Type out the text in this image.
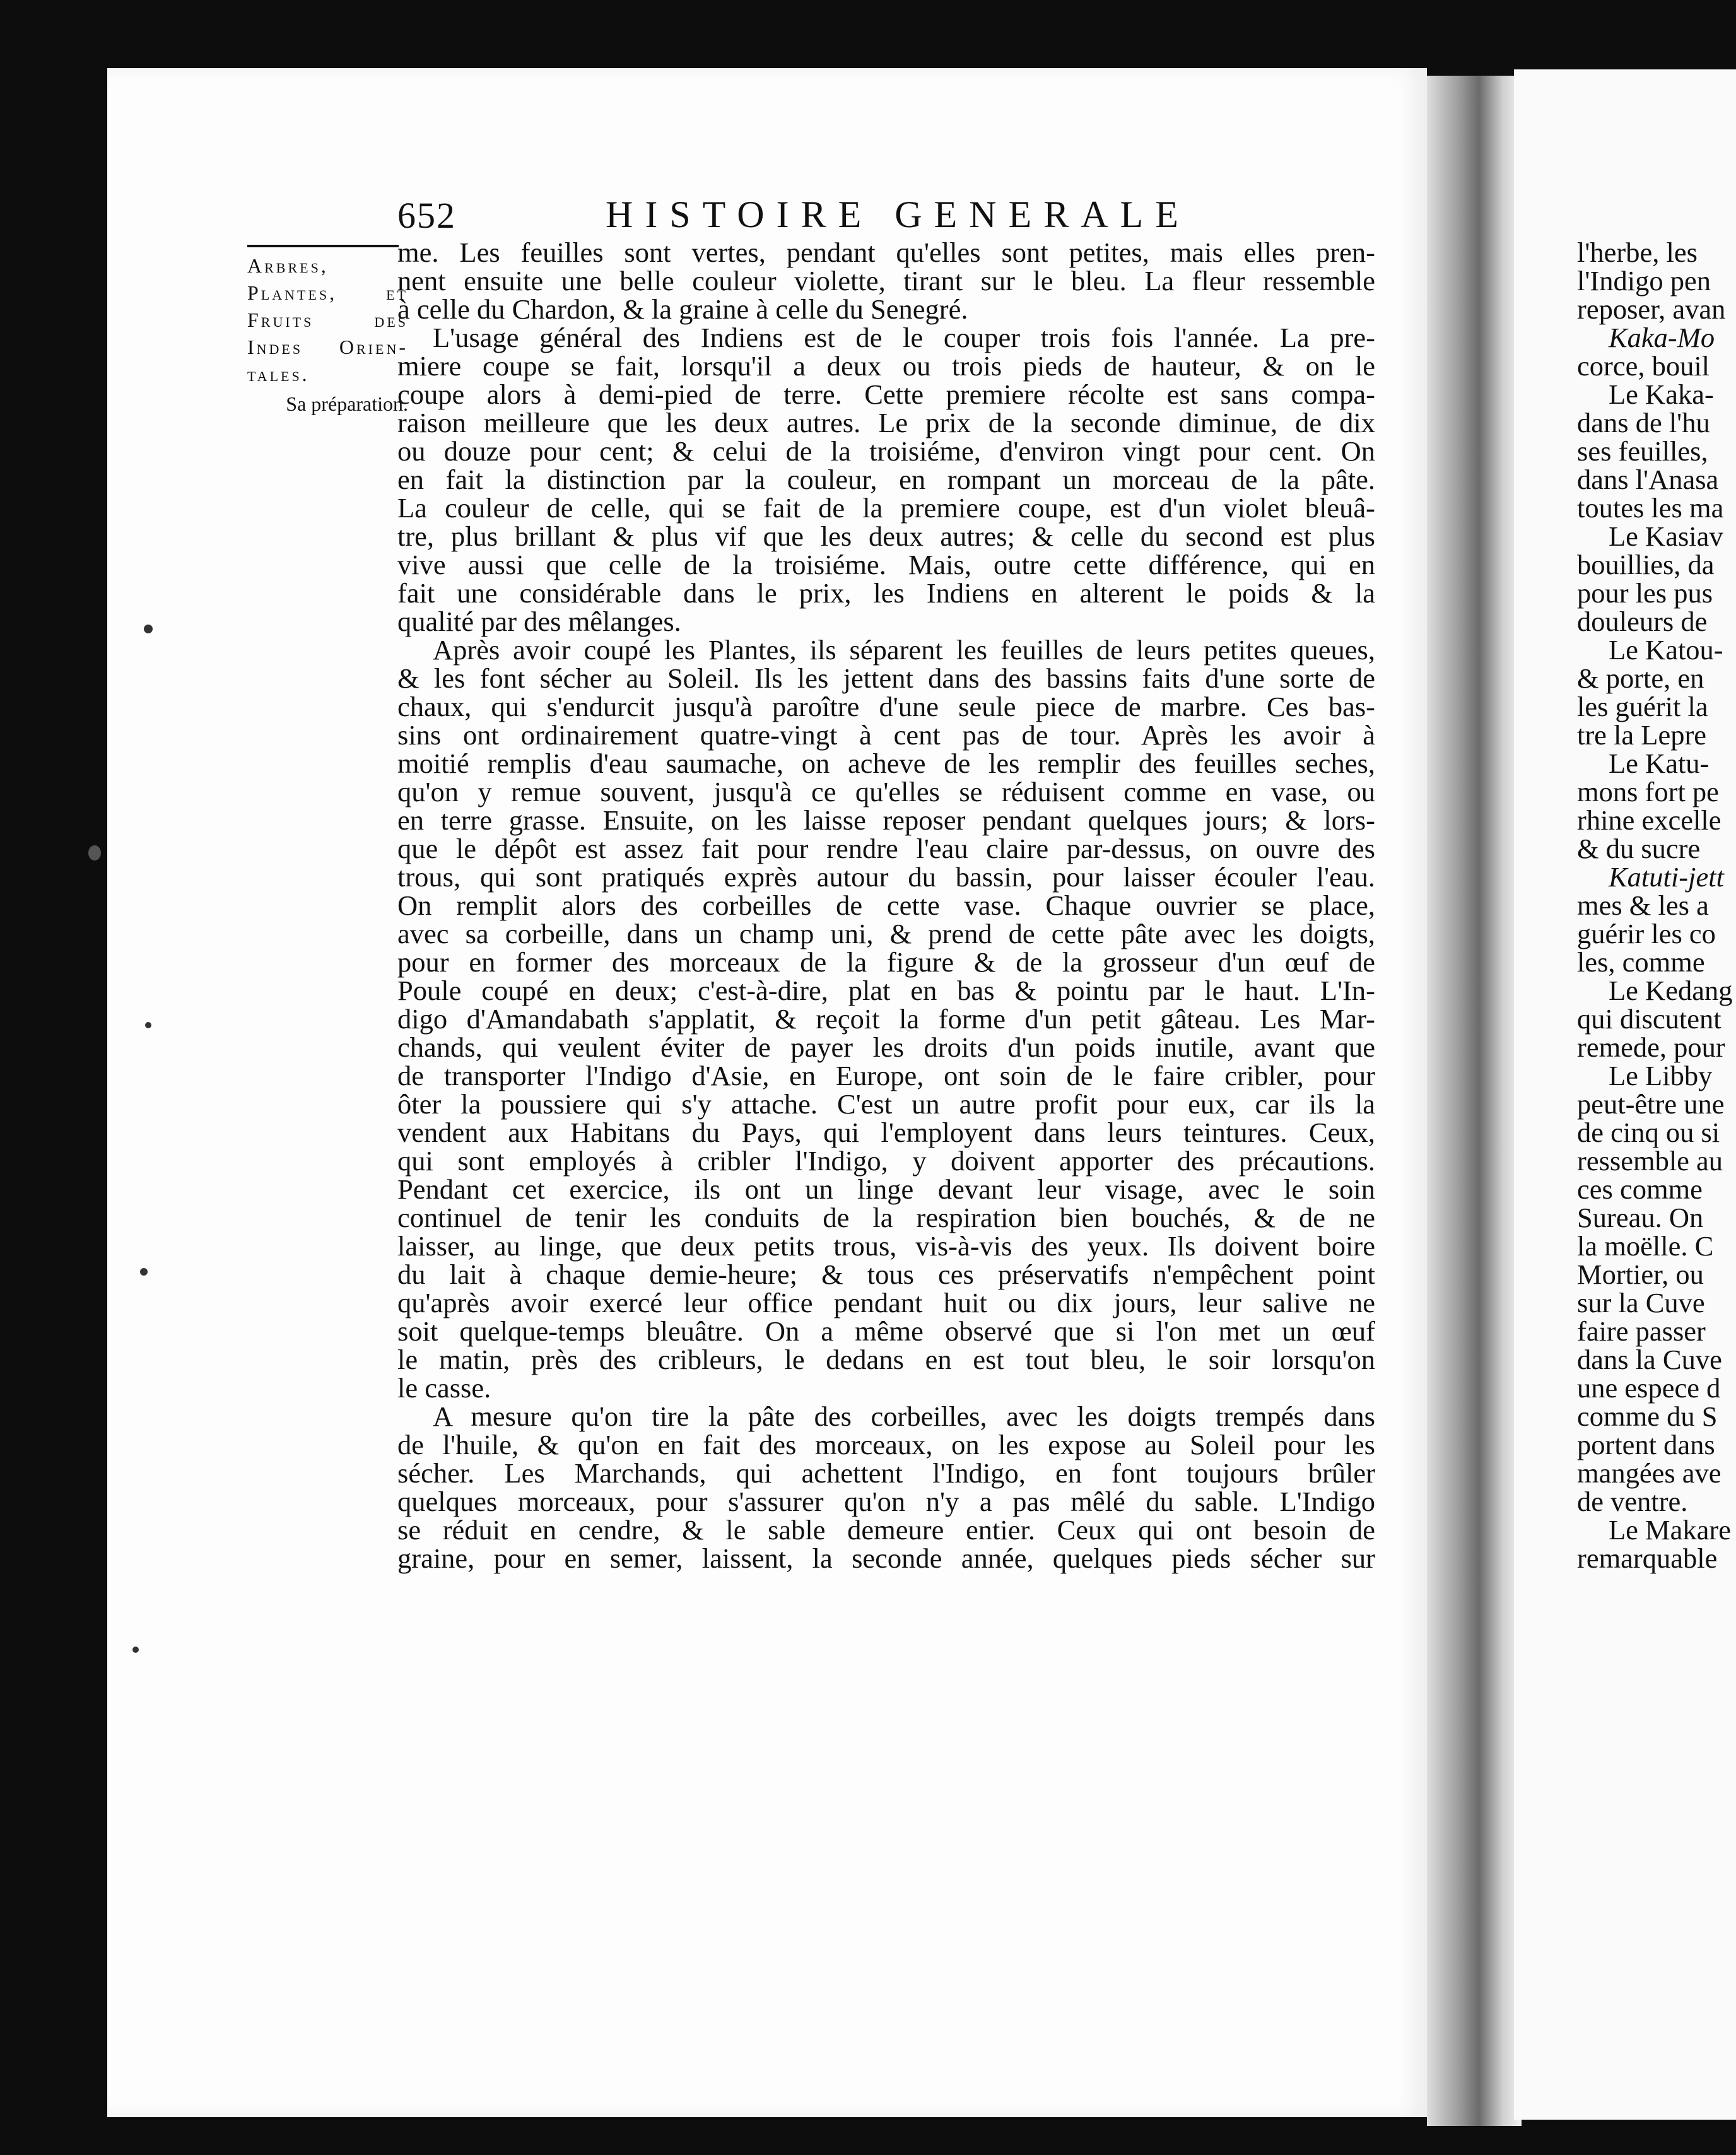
652	HISTOIRE GENERALE
Arbres,
Plantes, et
Fruits des
Indes Orien-
tales.
Sa préparation.
me. Les feuilles sont vertes, pendant qu'elles sont petites, mais elles pren-
nent ensuite une belle couleur violette, tirant sur le bleu. La fleur ressemble
à celle du Chardon, & la graine à celle du Senegré.
L'usage général des Indiens est de le couper trois fois l'année. La pre-
miere coupe se fait, lorsqu'il a deux ou trois pieds de hauteur, & on le
coupe alors à demi-pied de terre. Cette premiere récolte est sans compa-
raison meilleure que les deux autres. Le prix de la seconde diminue, de dix
ou douze pour cent; & celui de la troisiéme, d'environ vingt pour cent. On
en fait la distinction par la couleur, en rompant un morceau de la pâte.
La couleur de celle, qui se fait de la premiere coupe, est d'un violet bleuâ-
tre, plus brillant & plus vif que les deux autres; & celle du second est plus
vive aussi que celle de la troisiéme. Mais, outre cette différence, qui en
fait une considérable dans le prix, les Indiens en alterent le poids & la
qualité par des mêlanges.
Après avoir coupé les Plantes, ils séparent les feuilles de leurs petites queues,
& les font sécher au Soleil. Ils les jettent dans des bassins faits d'une sorte de
chaux, qui s'endurcit jusqu'à paroître d'une seule piece de marbre. Ces bas-
sins ont ordinairement quatre-vingt à cent pas de tour. Après les avoir à
moitié remplis d'eau saumache, on acheve de les remplir des feuilles seches,
qu'on y remue souvent, jusqu'à ce qu'elles se réduisent comme en vase, ou
en terre grasse. Ensuite, on les laisse reposer pendant quelques jours; & lors-
que le dépôt est assez fait pour rendre l'eau claire par-dessus, on ouvre des
trous, qui sont pratiqués exprès autour du bassin, pour laisser écouler l'eau.
On remplit alors des corbeilles de cette vase. Chaque ouvrier se place,
avec sa corbeille, dans un champ uni, & prend de cette pâte avec les doigts,
pour en former des morceaux de la figure & de la grosseur d'un œuf de
Poule coupé en deux; c'est-à-dire, plat en bas & pointu par le haut. L'In-
digo d'Amandabath s'applatit, & reçoit la forme d'un petit gâteau. Les Mar-
chands, qui veulent éviter de payer les droits d'un poids inutile, avant que
de transporter l'Indigo d'Asie, en Europe, ont soin de le faire cribler, pour
ôter la poussiere qui s'y attache. C'est un autre profit pour eux, car ils la
vendent aux Habitans du Pays, qui l'employent dans leurs teintures. Ceux,
qui sont employés à cribler l'Indigo, y doivent apporter des précautions.
Pendant cet exercice, ils ont un linge devant leur visage, avec le soin
continuel de tenir les conduits de la respiration bien bouchés, & de ne
laisser, au linge, que deux petits trous, vis-à-vis des yeux. Ils doivent boire
du lait à chaque demie-heure; & tous ces préservatifs n'empêchent point
qu'après avoir exercé leur office pendant huit ou dix jours, leur salive ne
soit quelque-temps bleuâtre. On a même observé que si l'on met un œuf
le matin, près des cribleurs, le dedans en est tout bleu, le soir lorsqu'on
le casse.
A mesure qu'on tire la pâte des corbeilles, avec les doigts trempés dans
de l'huile, & qu'on en fait des morceaux, on les expose au Soleil pour les
sécher. Les Marchands, qui achettent l'Indigo, en font toujours brûler
quelques morceaux, pour s'assurer qu'on n'y a pas mêlé du sable. L'Indigo
se réduit en cendre, & le sable demeure entier. Ceux qui ont besoin de
graine, pour en semer, laissent, la seconde année, quelques pieds sécher sur
l'herbe, les
l'Indigo pen
reposer, avan
Kaka-Mo
corce, bouil
Le Kaka-
dans de l'hu
ses feuilles,
dans l'Anasa
toutes les ma
Le Kasiav
bouillies, da
pour les pus
douleurs de
Le Katou-
& porte, en
les guérit la
tre la Lepre
Le Katu-
mons fort pe
rhine excelle
& du sucre
Katuti-jett
mes & les a
guérir les co
les, comme
Le Kedang
qui discutent
remede, pour
Le Libby
peut-être une
de cinq ou si
ressemble au
ces comme
Sureau. On
la moëlle. C
Mortier, ou
sur la Cuve
faire passer
dans la Cuve
une espece d
comme du S
portent dans
mangées ave
de ventre.
Le Makare
remarquable
